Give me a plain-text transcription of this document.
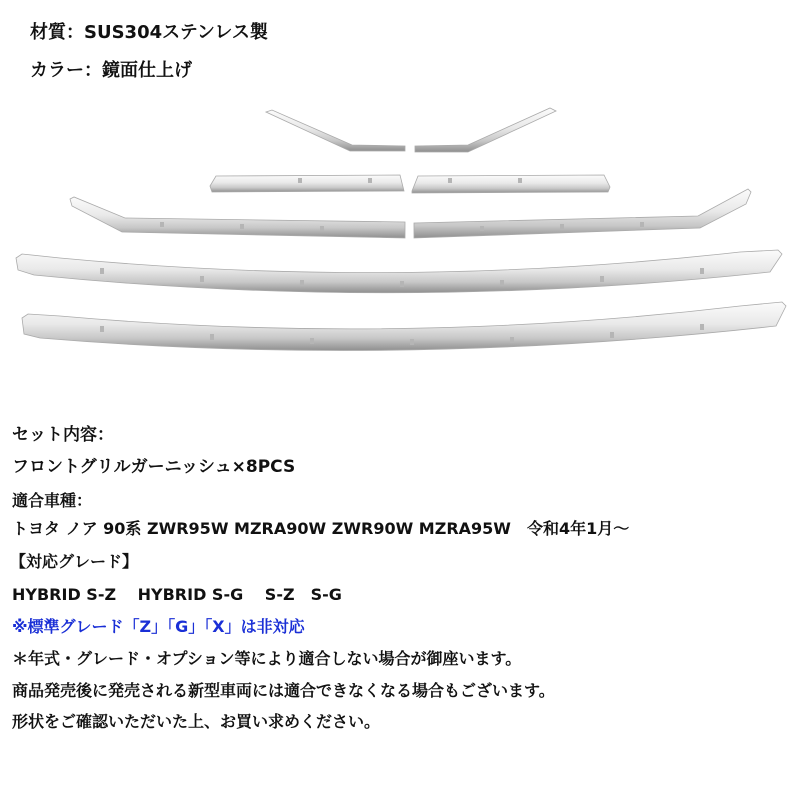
材質：SUS304ステンレス製
カラー：鏡面仕上げ
セット内容：
フロントグリルガーニッシュ×8PCS
適合車種：
トヨタ ノア 90系 ZWR95W MZRA90W ZWR90W MZRA95W　令和4年1月〜
【対応グレード】
HYBRID S-Z　 HYBRID S-G　 S-Z　S-G
※標準グレード「Z」「G」「X」は非対応
＊年式・グレード・オプション等により適合しない場合が御座います。
商品発売後に発売される新型車両には適合できなくなる場合もございます。
形状をご確認いただいた上、お買い求めください。
